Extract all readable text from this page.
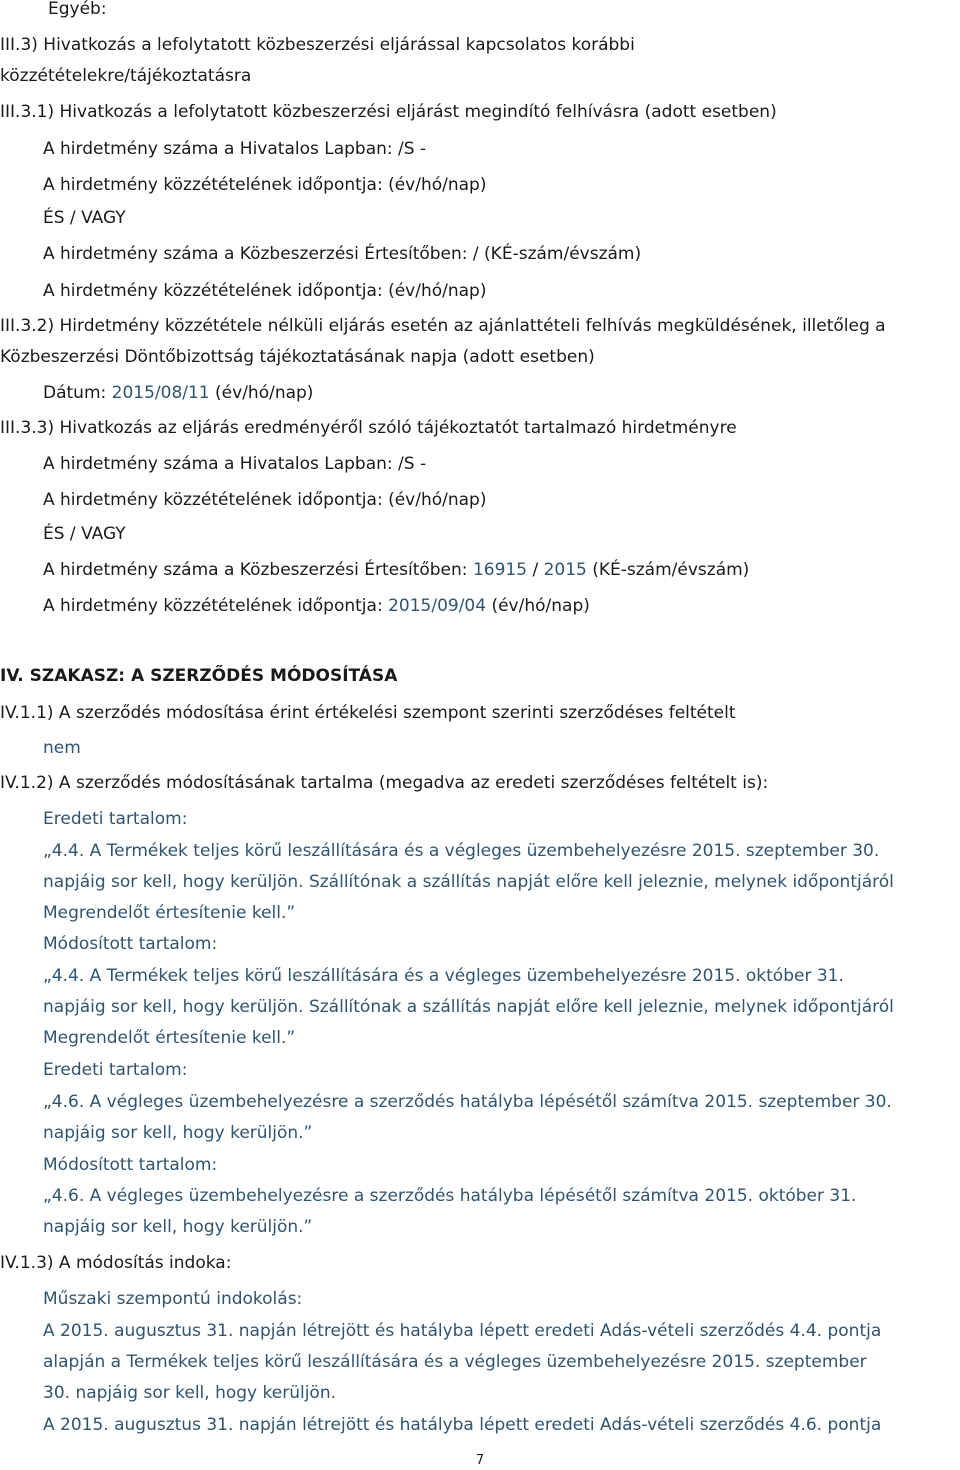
Egyéb:
III.3) Hivatkozás a lefolytatott közbeszerzési eljárással kapcsolatos korábbi
közzétételekre/tájékoztatásra
III.3.1) Hivatkozás a lefolytatott közbeszerzési eljárást megindító felhívásra (adott esetben)
A hirdetmény száma a Hivatalos Lapban: /S -
A hirdetmény közzétételének időpontja: (év/hó/nap)
ÉS / VAGY
A hirdetmény száma a Közbeszerzési Értesítőben: / (KÉ-szám/évszám)
A hirdetmény közzétételének időpontja: (év/hó/nap)
III.3.2) Hirdetmény közzététele nélküli eljárás esetén az ajánlattételi felhívás megküldésének, illetőleg a
Közbeszerzési Döntőbizottság tájékoztatásának napja (adott esetben)
Dátum: 2015/08/11 (év/hó/nap)
III.3.3) Hivatkozás az eljárás eredményéről szóló tájékoztatót tartalmazó hirdetményre
A hirdetmény száma a Hivatalos Lapban: /S -
A hirdetmény közzétételének időpontja: (év/hó/nap)
ÉS / VAGY
A hirdetmény száma a Közbeszerzési Értesítőben: 16915 / 2015 (KÉ-szám/évszám)
A hirdetmény közzétételének időpontja: 2015/09/04 (év/hó/nap)
IV. SZAKASZ: A SZERZŐDÉS MÓDOSÍTÁSA
IV.1.1) A szerződés módosítása érint értékelési szempont szerinti szerződéses feltételt
nem
IV.1.2) A szerződés módosításának tartalma (megadva az eredeti szerződéses feltételt is):
Eredeti tartalom:
„4.4. A Termékek teljes körű leszállítására és a végleges üzembehelyezésre 2015. szeptember 30.
napjáig sor kell, hogy kerüljön. Szállítónak a szállítás napját előre kell jeleznie, melynek időpontjáról
Megrendelőt értesítenie kell.”
Módosított tartalom:
„4.4. A Termékek teljes körű leszállítására és a végleges üzembehelyezésre 2015. október 31.
napjáig sor kell, hogy kerüljön. Szállítónak a szállítás napját előre kell jeleznie, melynek időpontjáról
Megrendelőt értesítenie kell.”
Eredeti tartalom:
„4.6. A végleges üzembehelyezésre a szerződés hatályba lépésétől számítva 2015. szeptember 30.
napjáig sor kell, hogy kerüljön.”
Módosított tartalom:
„4.6. A végleges üzembehelyezésre a szerződés hatályba lépésétől számítva 2015. október 31.
napjáig sor kell, hogy kerüljön.”
IV.1.3) A módosítás indoka:
Műszaki szempontú indokolás:
A 2015. augusztus 31. napján létrejött és hatályba lépett eredeti Adás-vételi szerződés 4.4. pontja
alapján a Termékek teljes körű leszállítására és a végleges üzembehelyezésre 2015. szeptember
30. napjáig sor kell, hogy kerüljön.
A 2015. augusztus 31. napján létrejött és hatályba lépett eredeti Adás-vételi szerződés 4.6. pontja
7
